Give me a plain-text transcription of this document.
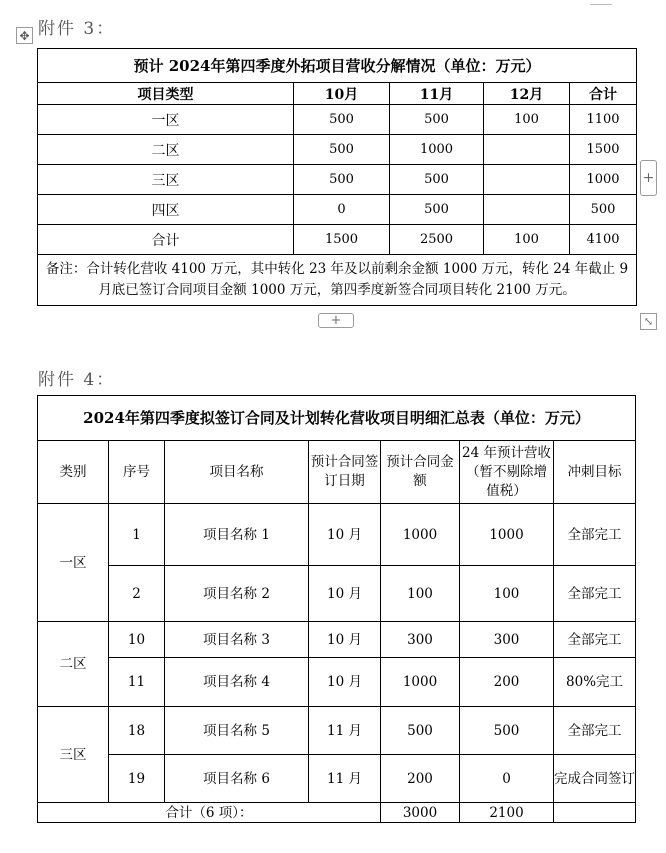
✥ 附件 3：
预计 2024年第四季度外拓项目营收分解情况（单位：万元）				
项目类型	10月	11月	12月	合计
一区	500	500	100	1100
二区	500	1000		1500
三区	500	500		1000
四区	0	500		500
合计	1500	2500	100	4100
备注：合计转化营收 4100 万元，其中转化 23 年及以前剩余金额 1000 万元，转化 24 年截止 9 月底已签订合同项目金额 1000 万元，第四季度新签合同项目转化 2100 万元。				
+
+	⤡
附件 4：
2024年第四季度拟签订合同及计划转化营收项目明细汇总表（单位：万元）						
类别	序号	项目名称	预计合同签订日期	预计合同金额	24 年预计营收（暂不剔除增值税）	冲刺目标
一区	1	项目名称 1	10 月	1000	1000	全部完工
	2	项目名称 2	10 月	100	100	全部完工
二区	10	项目名称 3	10 月	300	300	全部完工
	11	项目名称 4	10 月	1000	200	80%完工
三区	18	项目名称 5	11 月	500	500	全部完工
	19	项目名称 6	11 月	200	0	完成合同签订
合计（6 项）：				3000	2100	
